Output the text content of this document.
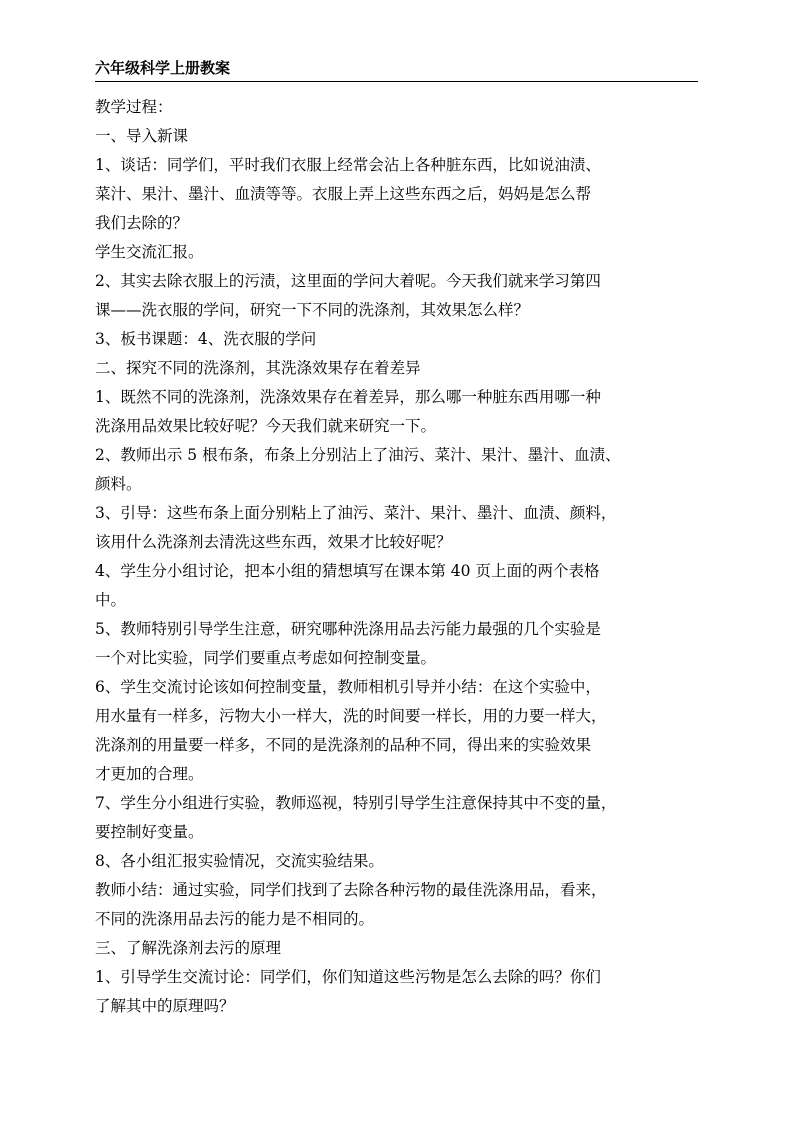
六年级科学上册教案
教学过程：
一、导入新课
1、谈话：同学们，平时我们衣服上经常会沾上各种脏东西，比如说油渍、
菜汁、果汁、墨汁、血渍等等。衣服上弄上这些东西之后，妈妈是怎么帮
我们去除的？
学生交流汇报。
2、其实去除衣服上的污渍，这里面的学问大着呢。今天我们就来学习第四
课——洗衣服的学问，研究一下不同的洗涤剂，其效果怎么样？
3、板书课题：4、洗衣服的学问
二、探究不同的洗涤剂，其洗涤效果存在着差异
1、既然不同的洗涤剂，洗涤效果存在着差异，那么哪一种脏东西用哪一种
洗涤用品效果比较好呢？今天我们就来研究一下。
2、教师出示 5 根布条，布条上分别沾上了油污、菜汁、果汁、墨汁、血渍、
颜料。
3、引导：这些布条上面分别粘上了油污、菜汁、果汁、墨汁、血渍、颜料，
该用什么洗涤剂去清洗这些东西，效果才比较好呢？
4、学生分小组讨论，把本小组的猜想填写在课本第 40 页上面的两个表格
中。
5、教师特别引导学生注意，研究哪种洗涤用品去污能力最强的几个实验是
一个对比实验，同学们要重点考虑如何控制变量。
6、学生交流讨论该如何控制变量，教师相机引导并小结：在这个实验中，
用水量有一样多，污物大小一样大，洗的时间要一样长，用的力要一样大，
洗涤剂的用量要一样多，不同的是洗涤剂的品种不同，得出来的实验效果
才更加的合理。
7、学生分小组进行实验，教师巡视，特别引导学生注意保持其中不变的量，
要控制好变量。
8、各小组汇报实验情况，交流实验结果。
教师小结：通过实验，同学们找到了去除各种污物的最佳洗涤用品，看来，
不同的洗涤用品去污的能力是不相同的。
三、了解洗涤剂去污的原理
1、引导学生交流讨论：同学们，你们知道这些污物是怎么去除的吗？你们
了解其中的原理吗？
